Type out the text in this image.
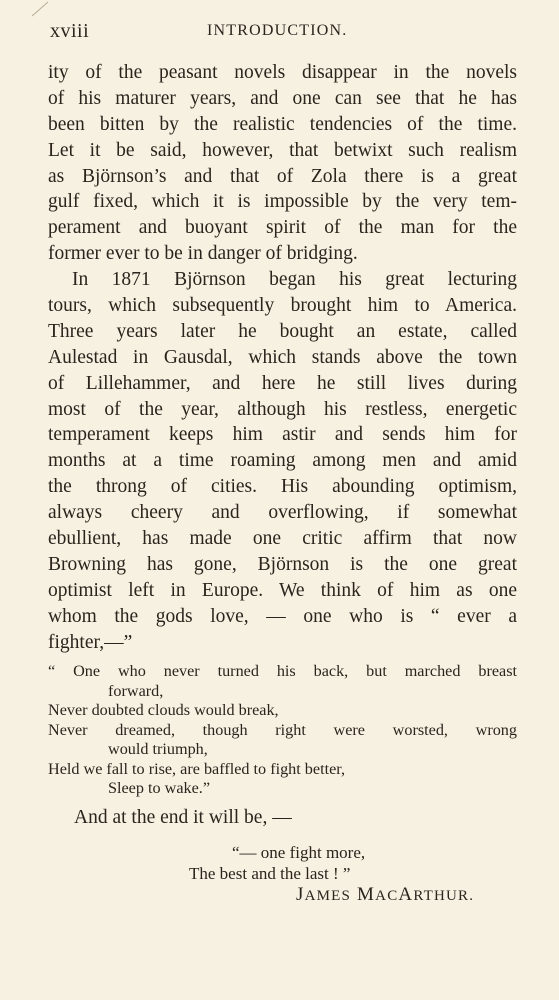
xviii	INTRODUCTION.
ity of the peasant novels disappear in the novels
of his maturer years, and one can see that he has
been bitten by the realistic tendencies of the time.
Let it be said, however, that betwixt such realism
as Björnson’s and that of Zola there is a great
gulf fixed, which it is impossible by the very tem-
perament and buoyant spirit of the man for the
former ever to be in danger of bridging.
In 1871 Björnson began his great lecturing
tours, which subsequently brought him to America.
Three years later he bought an estate, called
Aulestad in Gausdal, which stands above the town
of Lillehammer, and here he still lives during
most of the year, although his restless, energetic
temperament keeps him astir and sends him for
months at a time roaming among men and amid
the throng of cities. His abounding optimism,
always cheery and overflowing, if somewhat
ebullient, has made one critic affirm that now
Browning has gone, Björnson is the one great
optimist left in Europe. We think of him as one
whom the gods love, — one who is “ ever a
fighter,—”
“ One who never turned his back, but marched breast
forward,
Never doubted clouds would break,
Never dreamed, though right were worsted, wrong
would triumph,
Held we fall to rise, are baffled to fight better,
Sleep to wake.”
And at the end it will be, —
“— one fight more,
The best and the last ! ”
JAMES MACARTHUR.
